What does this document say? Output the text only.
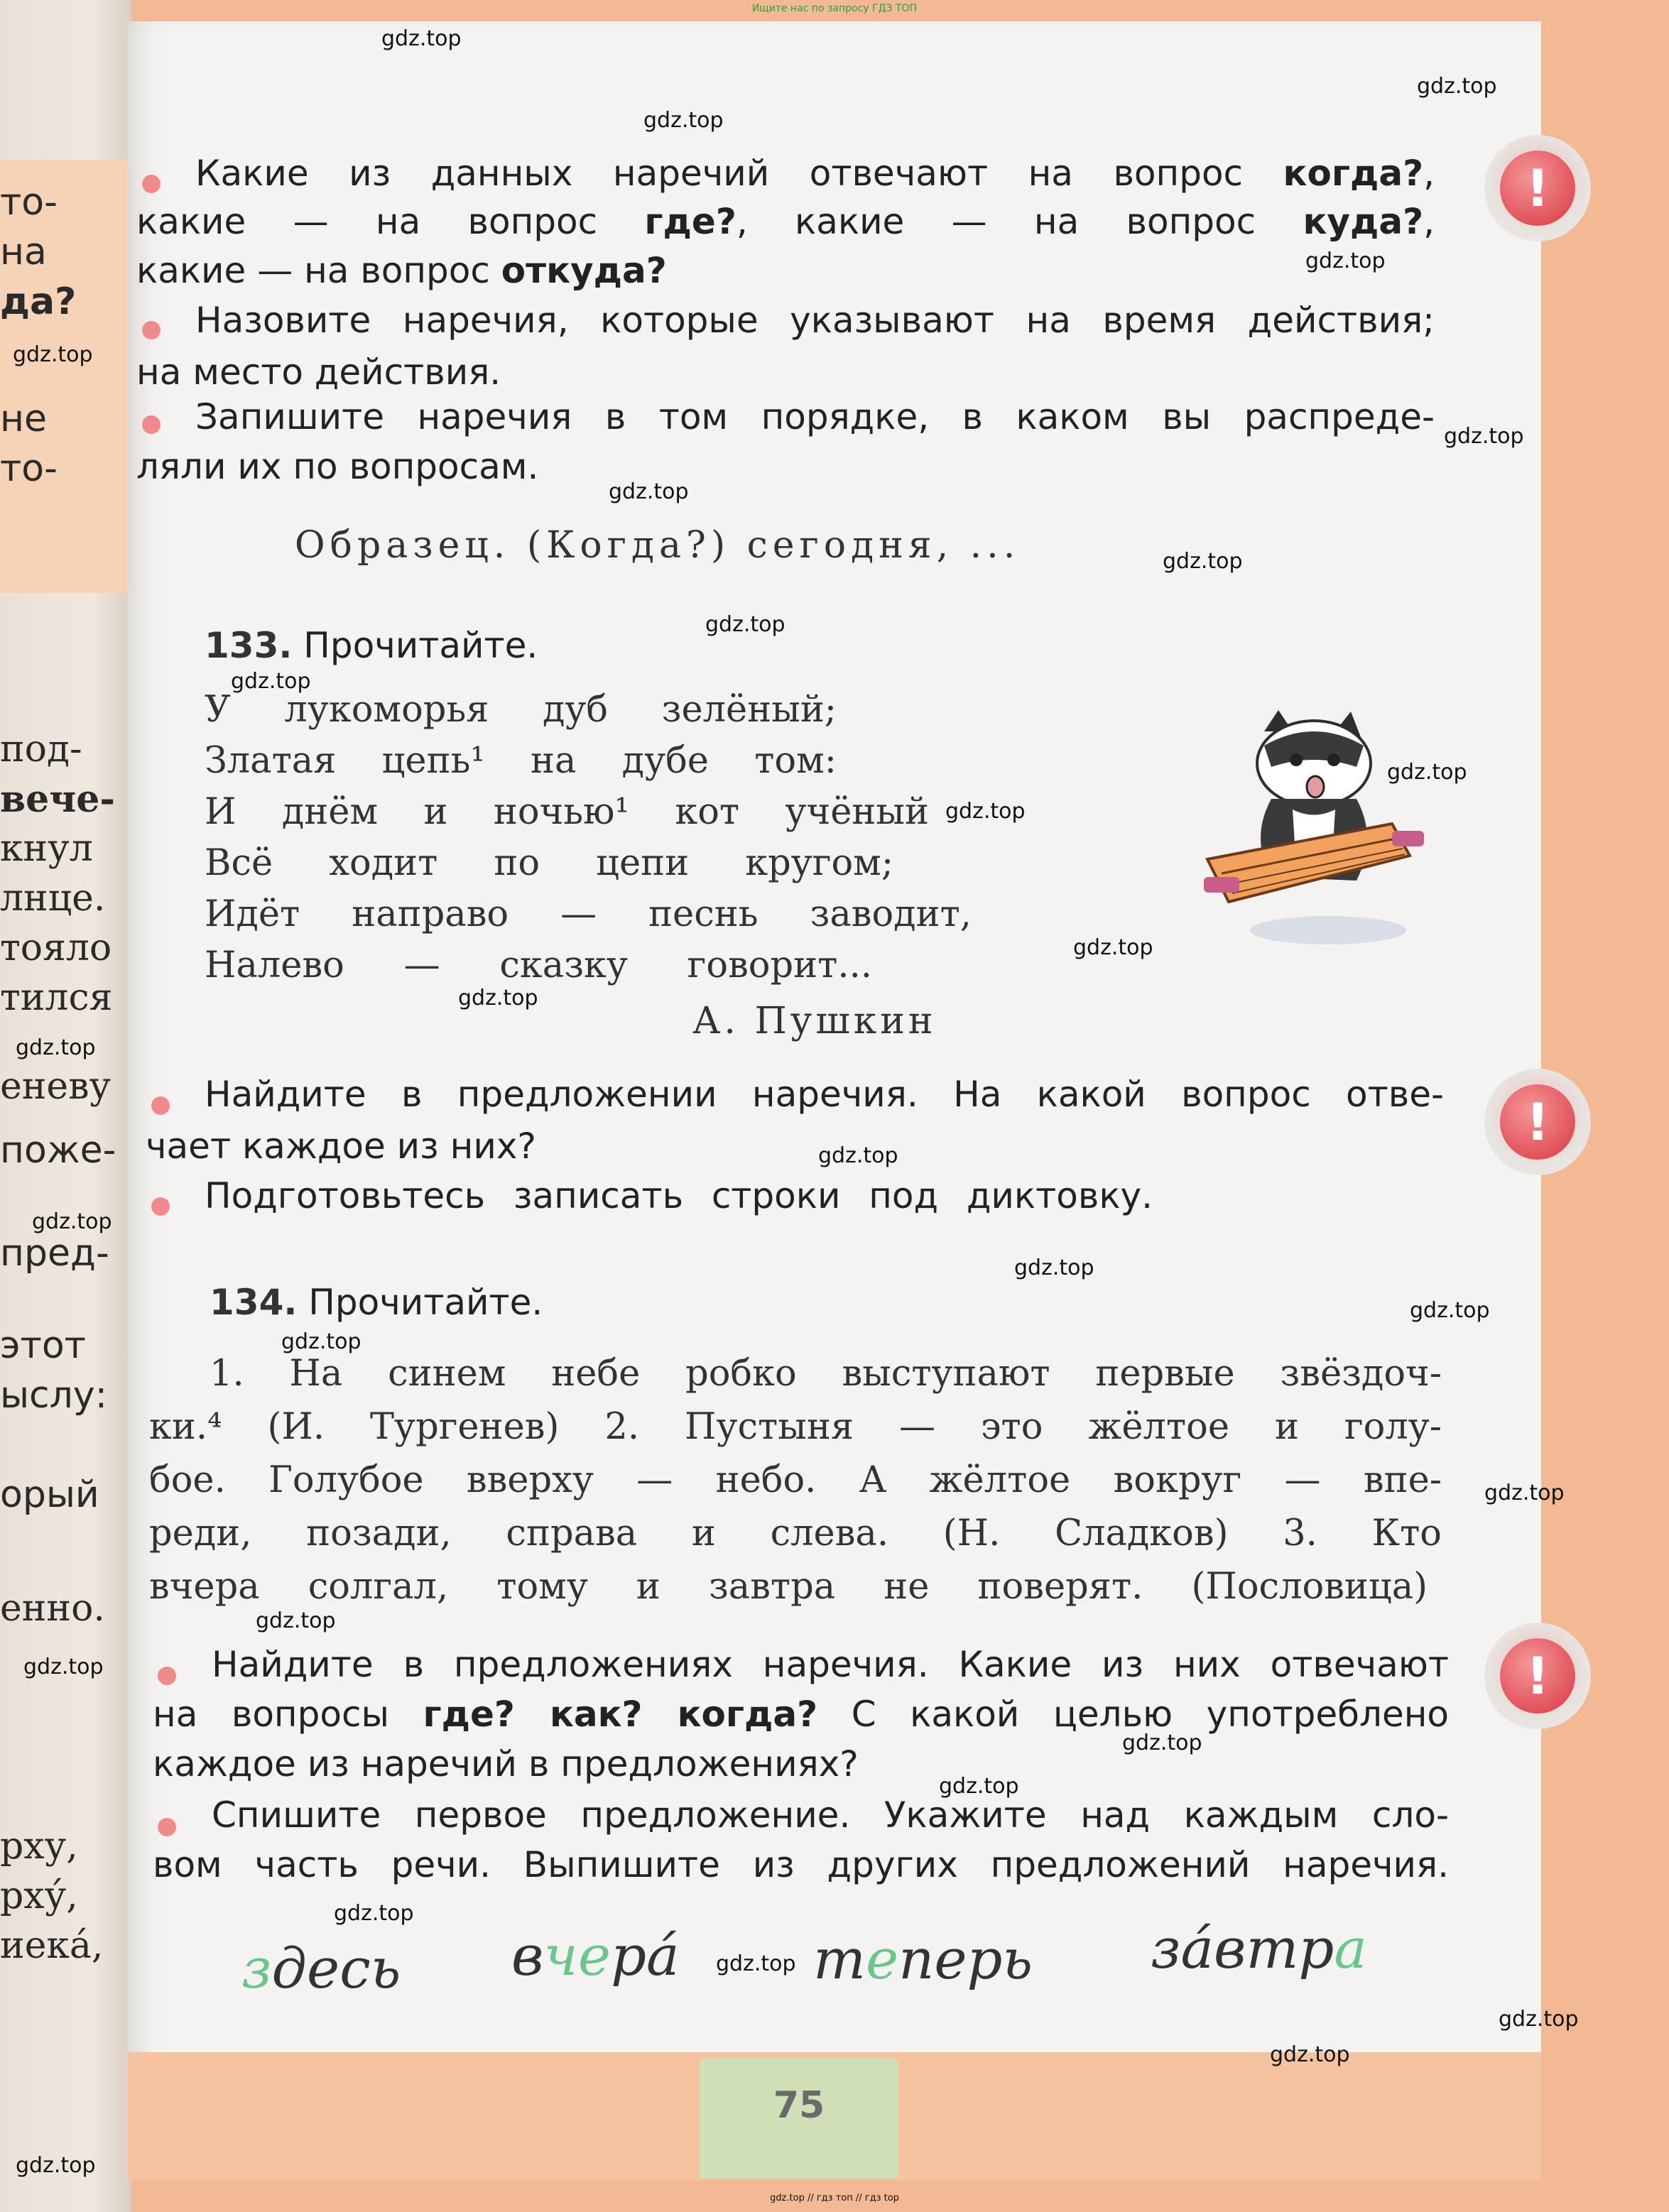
Ищите нас по запросу ГДЗ ТОП
то-
на
да?
не
то-
под-
вече-
кнул
лнце.
тояло
тился
еневу
поже-
пред-
этот
ыслу:
орый
енно.
рху,
рху́,
иека́,
!
!
!
Какие из данных наречий отвечают на вопрос когда?,
какие — на вопрос где?, какие — на вопрос куда?,
какие — на вопрос откуда?
Назовите наречия, которые указывают на время действия;
на место действия.
Запишите наречия в том порядке, в каком вы распреде-
ляли их по вопросам.
Образец. (Когда?) сегодня, ...
133. Прочитайте.
У лукоморья дуб зелёный;
Златая цепь¹ на дубе том:
И днём и ночью¹ кот учёный
Всё ходит по цепи кругом;
Идёт направо — песнь заводит,
Налево — сказку говорит...
А. Пушкин
Найдите в предложении наречия. На какой вопрос отве-
чает каждое из них?
Подготовьтесь записать строки под диктовку.
134. Прочитайте.
1. На синем небе робко выступают первые звёздоч-
ки.⁴ (И. Тургенев) 2. Пустыня — это жёлтое и голу-
бое. Голубое вверху — небо. А жёлтое вокруг — впе-
реди, позади, справа и слева. (Н. Сладков) 3. Кто
вчера солгал, тому и завтра не поверят. (Пословица)
Найдите в предложениях наречия. Какие из них отвечают
на вопросы где? как? когда? С какой целью употреблено
каждое из наречий в предложениях?
Спишите первое предложение. Укажите над каждым сло-
вом часть речи. Выпишите из других предложений наречия.
здесь вчера́ теперь за́втра
75
gdz.top // гдз топ // гдз top
gdz.top
gdz.top
gdz.top
gdz.top
gdz.top
gdz.top
gdz.top
gdz.top
gdz.top
gdz.top
gdz.top
gdz.top
gdz.top
gdz.top
gdz.top
gdz.top
gdz.top
gdz.top
gdz.top
gdz.top
gdz.top
gdz.top
gdz.top
gdz.top
gdz.top
gdz.top
gdz.top
gdz.top
gdz.top
gdz.top
